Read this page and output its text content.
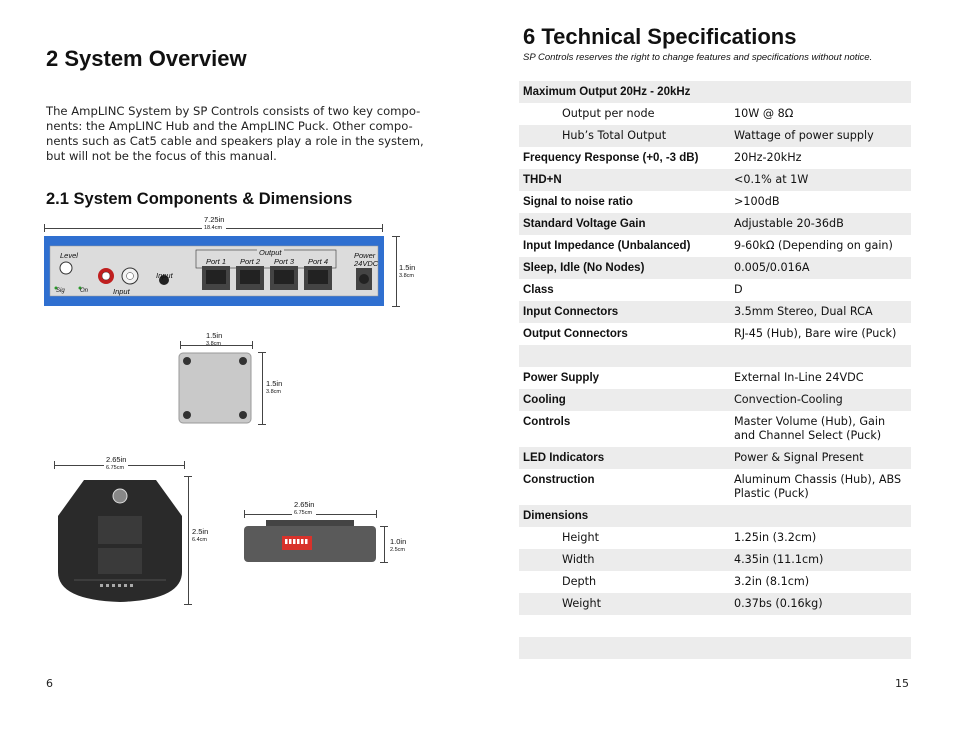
2 System Overview

The AmpLINC System by SP Controls consists of two key compo-
nents: the AmpLINC Hub and the AmpLINC Puck. Other compo-
nents such as Cat5 cable and speakers play a role in the system,
but will not be the focus of this manual.

2.1 System Components & Dimensions
7.25in
18.4cm
Level
Input
Input
Output
Port 1 Port 2 Port 3 Port 4
Power
24VDC
Sig	On
1.5in
3.8cm
1.5in
3.8cm
1.5in
3.8cm
2.65in
6.75cm
2.5in
6.4cm
2.65in
6.75cm
1.0in
2.5cm
6
6 Technical Specifications

SP Controls reserves the right to change features and specifications without notice.

Maximum Output 20Hz - 20kHz
Output per node	10W @ 8Ω
Hub’s Total Output	Wattage of power supply
Frequency Response (+0, -3 dB)	20Hz-20kHz
THD+N	<0.1% at 1W
Signal to noise ratio	>100dB
Standard Voltage Gain	Adjustable 20-36dB
Input Impedance (Unbalanced)	9-60kΩ (Depending on gain)
Sleep, Idle (No Nodes)	0.005/0.016A
Class	D
Input Connectors	3.5mm Stereo, Dual RCA
Output Connectors	RJ-45 (Hub), Bare wire (Puck)

Power Supply	External In-Line 24VDC
Cooling	Convection-Cooling
Controls	Master Volume (Hub), Gain and Channel Select (Puck)
LED Indicators	Power & Signal Present
Construction	Aluminum Chassis (Hub), ABS Plastic (Puck)
Dimensions
Height	1.25in (3.2cm)
Width	4.35in (11.1cm)
Depth	3.2in (8.1cm)
Weight	0.37bs (0.16kg)

15
